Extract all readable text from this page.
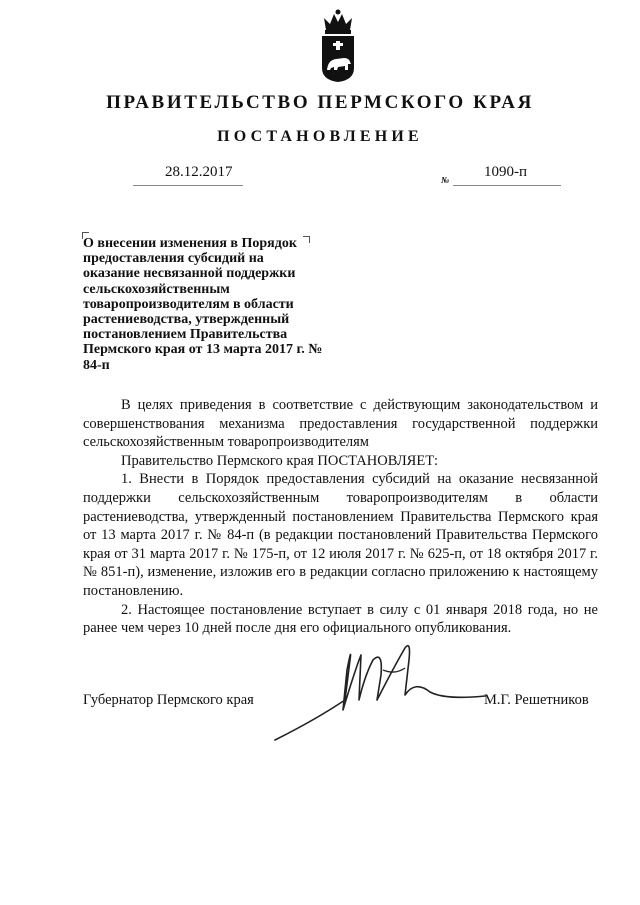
ПРАВИТЕЛЬСТВО ПЕРМСКОГО КРАЯ
ПОСТАНОВЛЕНИЕ
28.12.2017	№ 1090-п

О внесении изменения в Порядок предоставления субсидий на оказание несвязанной поддержки сельскохозяйственным товаропроизводителям в области растениеводства, утвержденный постановлением Правительства Пермского края от 13 марта 2017 г. № 84-п

В целях приведения в соответствие с действующим законодательством и совершенствования механизма предоставления государственной поддержки сельскохозяйственным товаропроизводителям

Правительство Пермского края ПОСТАНОВЛЯЕТ:

1. Внести в Порядок предоставления субсидий на оказание несвязанной поддержки сельскохозяйственным товаропроизводителям в области растениеводства, утвержденный постановлением Правительства Пермского края от 13 марта 2017 г. № 84-п (в редакции постановлений Правительства Пермского края от 31 марта 2017 г. № 175-п, от 12 июля 2017 г. № 625-п, от 18 октября 2017 г. № 851-п), изменение, изложив его в редакции согласно приложению к настоящему постановлению.

2. Настоящее постановление вступает в силу с 01 января 2018 года, но не ранее чем через 10 дней после дня его официального опубликования.

Губернатор Пермского края	М.Г. Решетников
